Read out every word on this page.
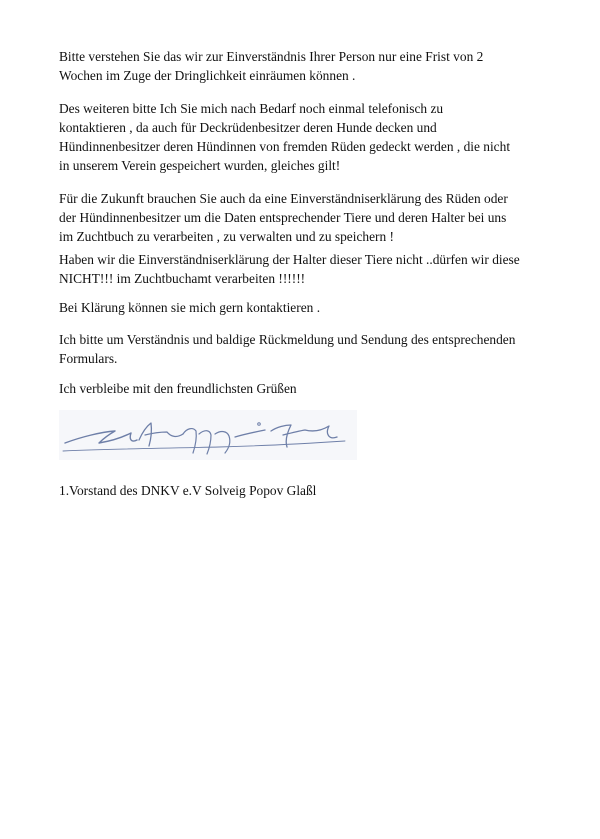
Bitte verstehen Sie das wir zur Einverständnis Ihrer Person nur eine Frist von 2
Wochen im Zuge der Dringlichkeit einräumen können .
Des weiteren bitte Ich Sie mich nach Bedarf noch einmal telefonisch zu
kontaktieren , da auch für Deckrüdenbesitzer deren Hunde decken und
Hündinnenbesitzer deren Hündinnen von fremden Rüden gedeckt werden , die nicht
in unserem Verein gespeichert wurden, gleiches gilt!
Für die Zukunft brauchen Sie auch da eine Einverständniserklärung des Rüden oder
der Hündinnenbesitzer um die Daten entsprechender Tiere und deren Halter bei uns
im Zuchtbuch zu verarbeiten , zu verwalten und zu speichern !
Haben wir die Einverständniserklärung der Halter dieser Tiere nicht ..dürfen wir diese
NICHT!!! im Zuchtbuchamt verarbeiten !!!!!!
Bei Klärung können sie mich gern kontaktieren .
Ich bitte um Verständnis und baldige Rückmeldung und Sendung des entsprechenden
Formulars.
Ich verbleibe mit den freundlichsten Grüßen
1.Vorstand des DNKV e.V Solveig Popov Glaßl
